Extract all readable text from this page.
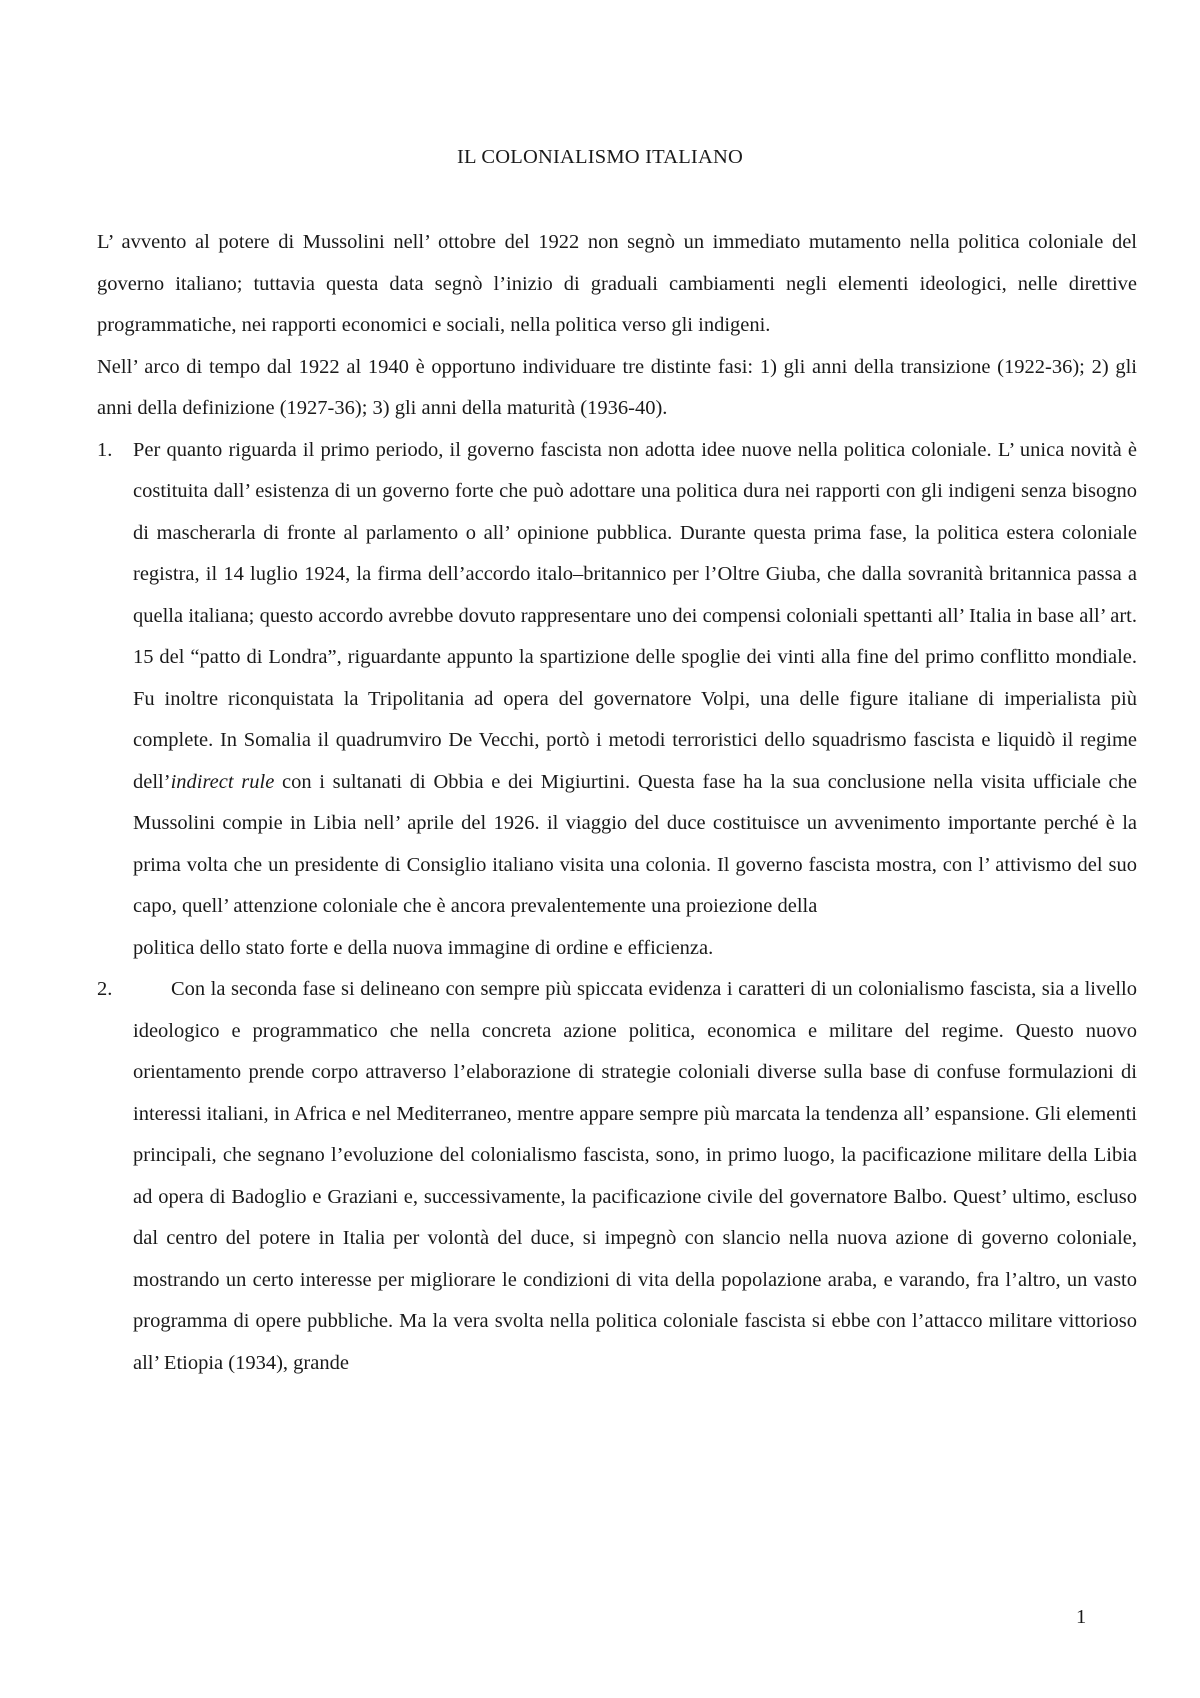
IL COLONIALISMO ITALIANO

L’ avvento al potere di Mussolini nell’ ottobre del 1922 non segnò un immediato mutamento nella politica coloniale del governo italiano; tuttavia questa data segnò l’inizio di graduali cambiamenti negli elementi ideologici, nelle direttive programmatiche, nei rapporti economici e sociali, nella politica verso gli indigeni.

Nell’ arco di tempo dal 1922 al 1940 è opportuno individuare tre distinte fasi: 1) gli anni della transizione (1922-36); 2) gli anni della definizione (1927-36); 3) gli anni della maturità (1936-40).

1. Per quanto riguarda il primo periodo, il governo fascista non adotta idee nuove nella politica coloniale. L’ unica novità è costituita dall’ esistenza di un governo forte che può adottare una politica dura nei rapporti con gli indigeni senza bisogno di mascherarla di fronte al parlamento o all’ opinione pubblica. Durante questa prima fase, la politica estera coloniale registra, il 14 luglio 1924, la firma dell’accordo italo–britannico per l’Oltre Giuba, che dalla sovranità britannica passa a quella italiana; questo accordo avrebbe dovuto rappresentare uno dei compensi coloniali spettanti all’ Italia in base all’ art. 15 del “patto di Londra”, riguardante appunto la spartizione delle spoglie dei vinti alla fine del primo conflitto mondiale. Fu inoltre riconquistata la Tripolitania ad opera del governatore Volpi, una delle figure italiane di imperialista più complete. In Somalia il quadrumviro De Vecchi, portò i metodi terroristici dello squadrismo fascista e liquidò il regime dell’indirect rule con i sultanati di Obbia e dei Migiurtini. Questa fase ha la sua conclusione nella visita ufficiale che Mussolini compie in Libia nell’ aprile del 1926. il viaggio del duce costituisce un avvenimento importante perché è la prima volta che un presidente di Consiglio italiano visita una colonia. Il governo fascista mostra, con l’ attivismo del suo capo, quell’ attenzione coloniale che è ancora prevalentemente una proiezione della

politica dello stato forte e della nuova immagine di ordine e efficienza.

2.	Con la seconda fase si delineano con sempre più spiccata evidenza i caratteri di un colonialismo fascista, sia a livello ideologico e programmatico che nella concreta azione politica, economica e militare del regime. Questo nuovo orientamento prende corpo attraverso l’elaborazione di strategie coloniali diverse sulla base di confuse formulazioni di interessi italiani, in Africa e nel Mediterraneo, mentre appare sempre più marcata la tendenza all’ espansione. Gli elementi principali, che segnano l’evoluzione del colonialismo fascista, sono, in primo luogo, la pacificazione militare della Libia ad opera di Badoglio e Graziani e, successivamente, la pacificazione civile del governatore Balbo. Quest’ ultimo, escluso dal centro del potere in Italia per volontà del duce, si impegnò con slancio nella nuova azione di governo coloniale, mostrando un certo interesse per migliorare le condizioni di vita della popolazione araba, e varando, fra l’altro, un vasto programma di opere pubbliche. Ma la vera svolta nella politica coloniale fascista si ebbe con l’attacco militare vittorioso all’ Etiopia (1934), grande

1
